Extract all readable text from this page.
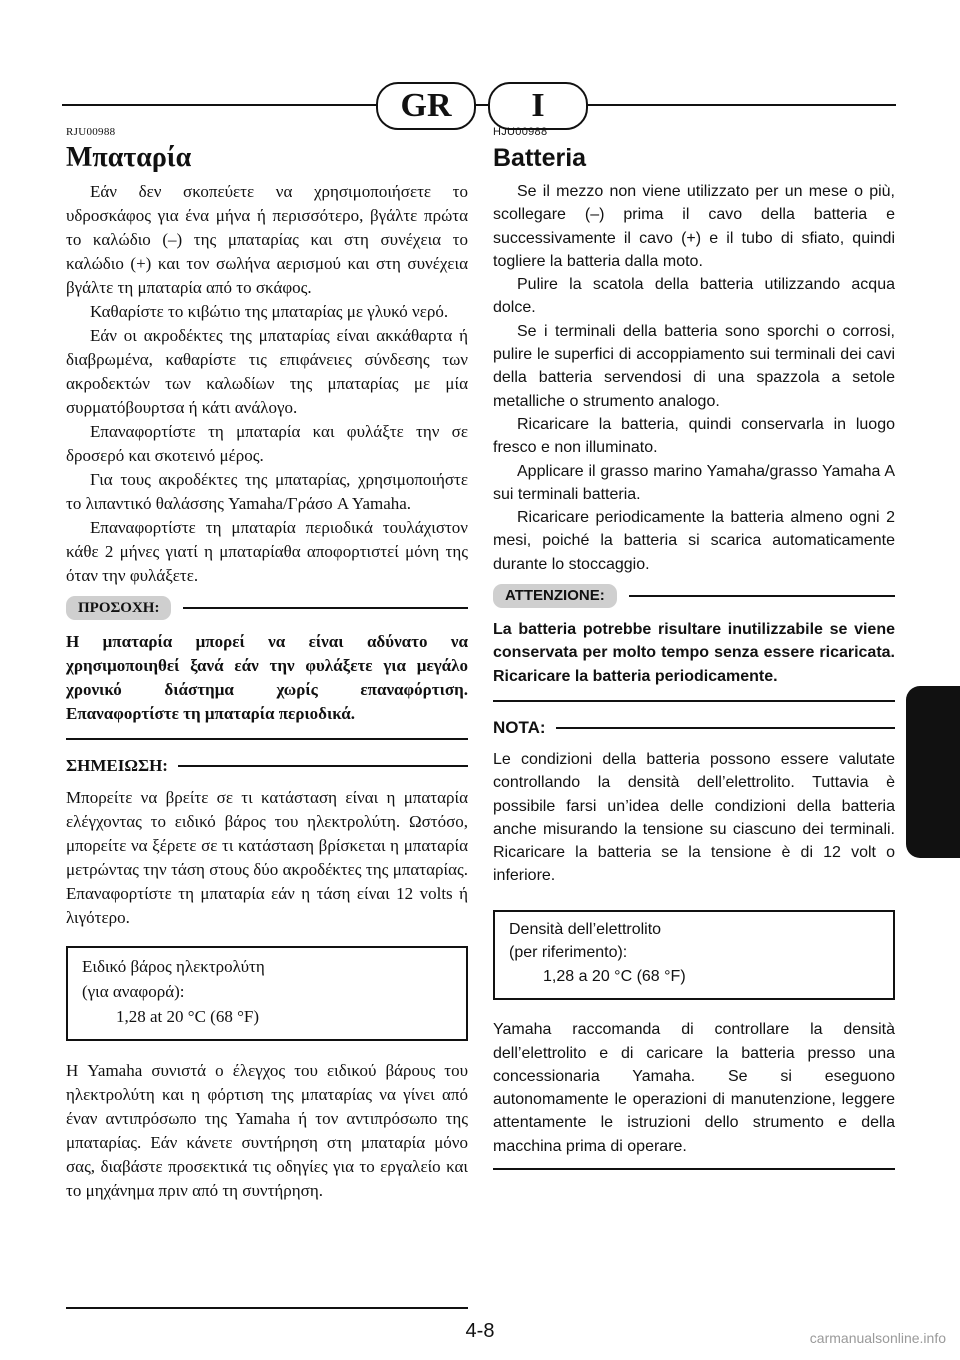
GR	I
RJU00988
Μπαταρία

Εάν δεν σκοπεύετε να χρησιμοποιήσετε το υδροσκάφος για ένα μήνα ή περισσότερο, βγάλτε πρώτα το καλώδιο (–) της μπαταρίας και στη συνέχεια το καλώδιο (+) και τον σωλήνα αερισμού και στη συνέχεια βγάλτε τη μπαταρία από το σκάφος.

Καθαρίστε το κιβώτιο της μπαταρίας με γλυκό νερό.

Εάν οι ακροδέκτες της μπαταρίας είναι ακκάθαρτα ή διαβρωμένα, καθαρίστε τις επιφάνειες σύνδεσης των ακροδεκτών των καλωδίων της μπαταρίας με μία συρματόβουρτσα ή κάτι ανάλογο.

Επαναφορτίστε τη μπαταρία και φυλάξτε την σε δροσερό και σκοτεινό μέρος.

Για τους ακροδέκτες της μπαταρίας, χρησιμοποιήστε το λιπαντικό θαλάσσης Yamaha/Γράσο A Yamaha.

Επαναφορτίστε τη μπαταρία περιοδικά τουλάχιστον κάθε 2 μήνες γιατί η μπαταρίαθα αποφορτιστεί μόνη της όταν την φυλάξετε.

ΠΡΟΣΟΧΗ:

Η μπαταρία μπορεί να είναι αδύνατο να χρησιμοποιηθεί ξανά εάν την φυλάξετε για μεγάλο χρονικό διάστημα χωρίς επαναφόρτιση. Επαναφορτίστε τη μπαταρία περιοδικά.

ΣΗΜΕΙΩΣΗ:

Μπορείτε να βρείτε σε τι κατάσταση είναι η μπαταρία ελέγχοντας το ειδικό βάρος του ηλεκτρολύτη. Ωστόσο, μπορείτε να ξέρετε σε τι κατάσταση βρίσκεται η μπαταρία μετρώντας την τάση στους δύο ακροδέκτες της μπαταρίας. Επαναφορτίστε τη μπαταρία εάν η τάση είναι 12 volts ή λιγότερο.

Ειδικό βάρος ηλεκτρολύτη
(για αναφορά):
1,28 at 20 °C (68 °F)

Η Yamaha συνιστά ο έλεγχος του ειδικού βάρους του ηλεκτρολύτη και η φόρτιση της μπαταρίας να γίνει από έναν αντιπρόσωπο της Yamaha ή τον αντιπρόσωπο της μπαταρίας. Εάν κάνετε συντήρηση στη μπαταρία μόνο σας, διαβάστε προσεκτικά τις οδηγίες για το εργαλείο και το μηχάνημα πριν από τη συντήρηση.

HJU00988
Batteria

Se il mezzo non viene utilizzato per un mese o più, scollegare (–) prima il cavo della batteria e successivamente il cavo (+) e il tubo di sfiato, quindi togliere la batteria dalla moto.

Pulire la scatola della batteria utilizzando acqua dolce.

Se i terminali della batteria sono sporchi o corrosi, pulire le superfici di accoppiamento sui terminali dei cavi della batteria servendosi di una spazzola a setole metalliche o strumento analogo.

Ricaricare la batteria, quindi conservarla in luogo fresco e non illuminato.

Applicare il grasso marino Yamaha/grasso Yamaha A sui terminali batteria.

Ricaricare periodicamente la batteria almeno ogni 2 mesi, poiché la batteria si scarica automaticamente durante lo stoccaggio.

ATTENZIONE:

La batteria potrebbe risultare inutilizzabile se viene conservata per molto tempo senza essere ricaricata. Ricaricare la batteria periodicamente.

NOTA:

Le condizioni della batteria possono essere valutate controllando la densità dell’elettrolito. Tuttavia è possibile farsi un’idea delle condizioni della batteria anche misurando la tensione su ciascuno dei terminali. Ricaricare la batteria se la tensione è di 12 volt o inferiore.

Densità dell’elettrolito
(per riferimento):
1,28 a 20 °C (68 °F)

Yamaha raccomanda di controllare la densità dell’elettrolito e di caricare la batteria presso una concessionaria Yamaha. Se si eseguono autonomamente le operazioni di manutenzione, leggere attentamente le istruzioni dello strumento e della macchina prima di operare.

4-8	carmanualsonline.info
